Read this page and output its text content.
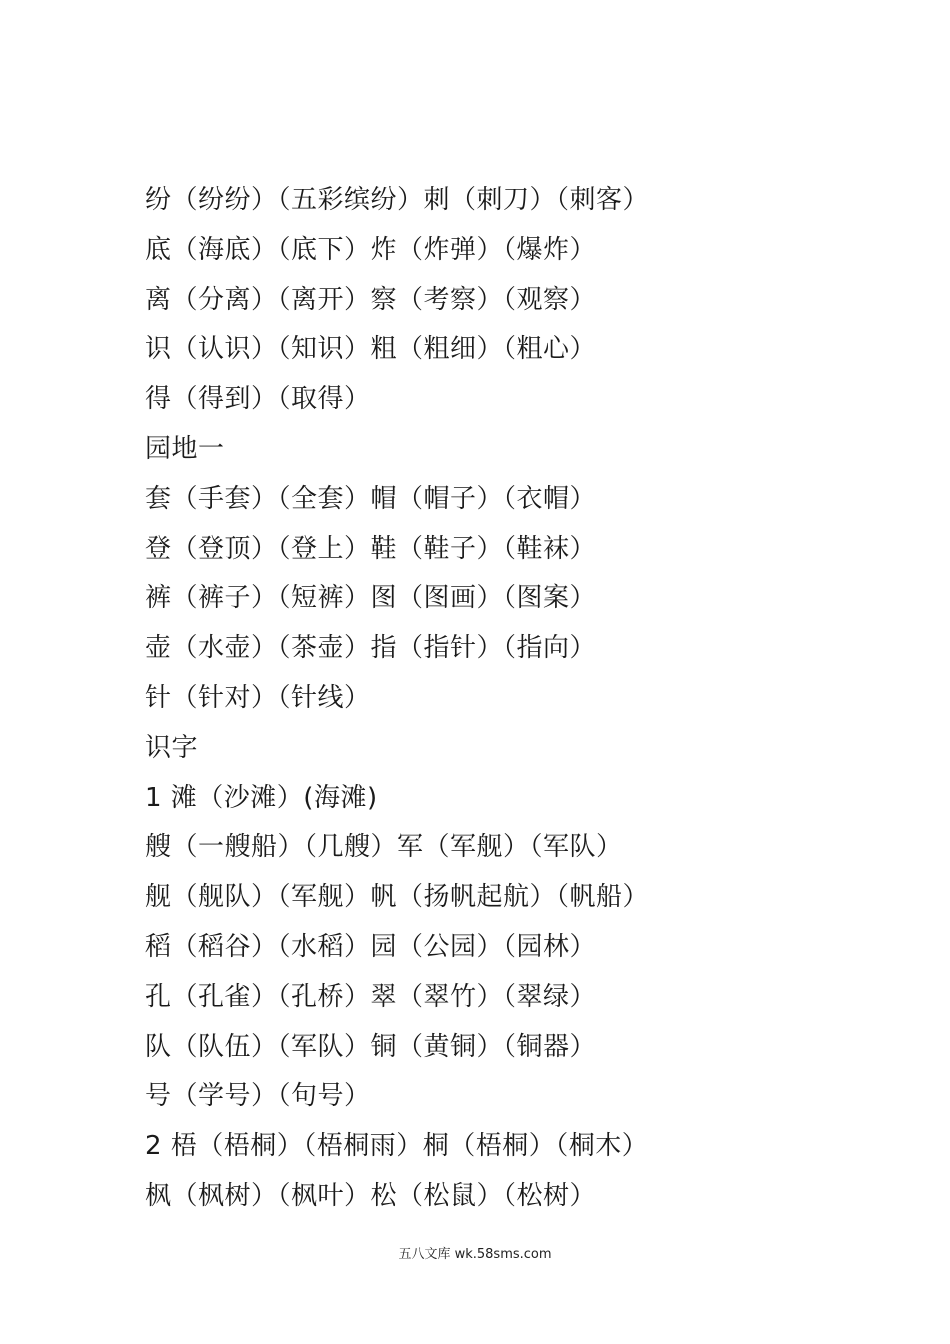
纷（纷纷）（五彩缤纷）刺（刺刀）（刺客）
底（海底）（底下）炸（炸弹）（爆炸）
离（分离）（离开）察（考察）（观察）
识（认识）（知识）粗（粗细）（粗心）
得（得到）（取得）
园地一
套（手套）（全套）帽（帽子）（衣帽）
登（登顶）（登上）鞋（鞋子）（鞋袜）
裤（裤子）（短裤）图（图画）（图案）
壶（水壶）（茶壶）指（指针）（指向）
针（针对）（针线）
识字
1 滩（沙滩）(海滩)
艘（一艘船）（几艘）军（军舰）（军队）
舰（舰队）（军舰）帆（扬帆起航）（帆船）
稻（稻谷）（水稻）园（公园）（园林）
孔（孔雀）（孔桥）翠（翠竹）（翠绿）
队（队伍）（军队）铜（黄铜）（铜器）
号（学号）（句号）
2 梧（梧桐）（梧桐雨）桐（梧桐）（桐木）
枫（枫树）（枫叶）松（松鼠）（松树）
五八文库 wk.58sms.com
